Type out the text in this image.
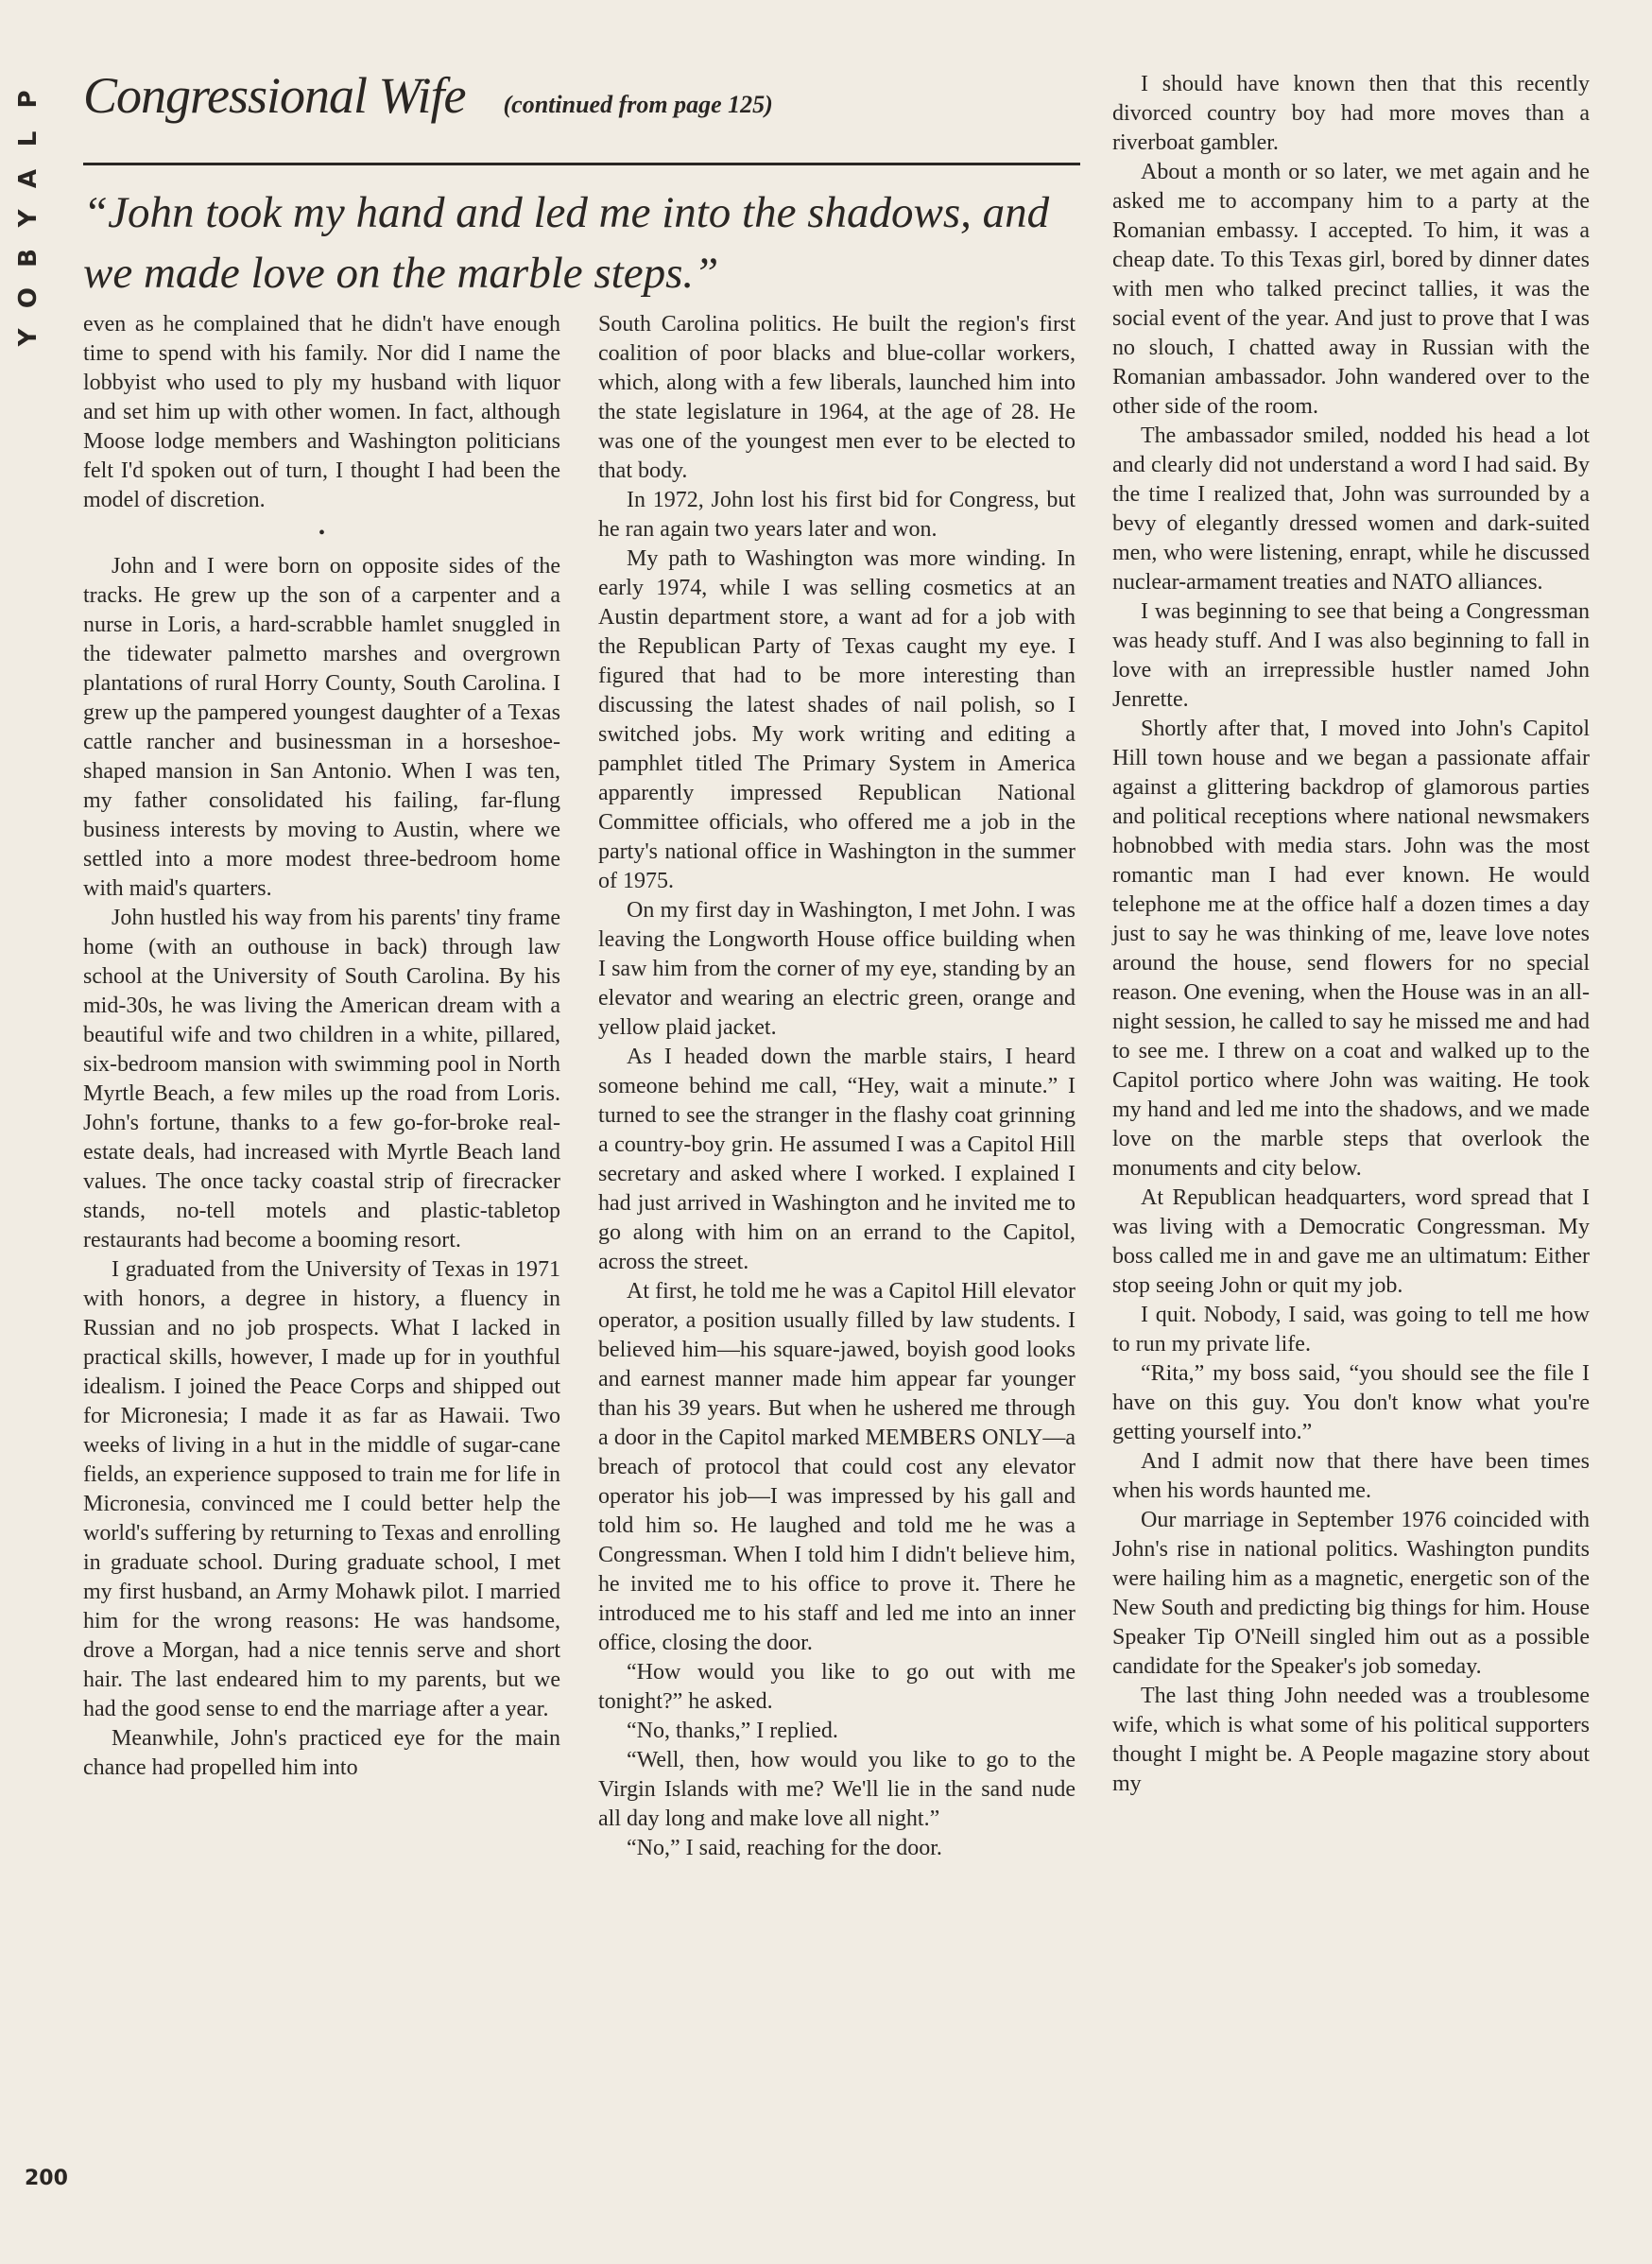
P
L
A
Y
B
O
Y
Congressional Wife (continued from page 125)
“John took my hand and led me into the shadows, and we made love on the marble steps.”

even as he complained that he didn't have enough time to spend with his family. Nor did I name the lobbyist who used to ply my husband with liquor and set him up with other women. In fact, although Moose lodge members and Washington politicians felt I'd spoken out of turn, I thought I had been the model of discretion.

•

John and I were born on opposite sides of the tracks. He grew up the son of a carpenter and a nurse in Loris, a hard-scrabble hamlet snuggled in the tidewater palmetto marshes and overgrown plantations of rural Horry County, South Carolina. I grew up the pampered youngest daughter of a Texas cattle rancher and businessman in a horseshoe-shaped mansion in San Antonio. When I was ten, my father consolidated his failing, far-flung business interests by moving to Austin, where we settled into a more modest three-bedroom home with maid's quarters.

John hustled his way from his parents' tiny frame home (with an outhouse in back) through law school at the University of South Carolina. By his mid-30s, he was living the American dream with a beautiful wife and two children in a white, pillared, six-bedroom mansion with swimming pool in North Myrtle Beach, a few miles up the road from Loris. John's fortune, thanks to a few go-for-broke real-estate deals, had increased with Myrtle Beach land values. The once tacky coastal strip of firecracker stands, no-tell motels and plastic-tabletop restaurants had become a booming resort.

I graduated from the University of Texas in 1971 with honors, a degree in history, a fluency in Russian and no job prospects. What I lacked in practical skills, however, I made up for in youthful idealism. I joined the Peace Corps and shipped out for Micronesia; I made it as far as Hawaii. Two weeks of living in a hut in the middle of sugar-cane fields, an experience supposed to train me for life in Micronesia, convinced me I could better help the world's suffering by returning to Texas and enrolling in graduate school. During graduate school, I met my first husband, an Army Mohawk pilot. I married him for the wrong reasons: He was handsome, drove a Morgan, had a nice tennis serve and short hair. The last endeared him to my parents, but we had the good sense to end the marriage after a year.

Meanwhile, John's practiced eye for the main chance had propelled him into

South Carolina politics. He built the region's first coalition of poor blacks and blue-collar workers, which, along with a few liberals, launched him into the state legislature in 1964, at the age of 28. He was one of the youngest men ever to be elected to that body.

In 1972, John lost his first bid for Congress, but he ran again two years later and won.

My path to Washington was more winding. In early 1974, while I was selling cosmetics at an Austin department store, a want ad for a job with the Republican Party of Texas caught my eye. I figured that had to be more interesting than discussing the latest shades of nail polish, so I switched jobs. My work writing and editing a pamphlet titled The Primary System in America apparently impressed Republican National Committee officials, who offered me a job in the party's national office in Washington in the summer of 1975.

On my first day in Washington, I met John. I was leaving the Longworth House office building when I saw him from the corner of my eye, standing by an elevator and wearing an electric green, orange and yellow plaid jacket.

As I headed down the marble stairs, I heard someone behind me call, “Hey, wait a minute.” I turned to see the stranger in the flashy coat grinning a country-boy grin. He assumed I was a Capitol Hill secretary and asked where I worked. I explained I had just arrived in Washington and he invited me to go along with him on an errand to the Capitol, across the street.

At first, he told me he was a Capitol Hill elevator operator, a position usually filled by law students. I believed him—his square-jawed, boyish good looks and earnest manner made him appear far younger than his 39 years. But when he ushered me through a door in the Capitol marked MEMBERS ONLY—a breach of protocol that could cost any elevator operator his job—I was impressed by his gall and told him so. He laughed and told me he was a Congressman. When I told him I didn't believe him, he invited me to his office to prove it. There he introduced me to his staff and led me into an inner office, closing the door.

“How would you like to go out with me tonight?” he asked.

“No, thanks,” I replied.

“Well, then, how would you like to go to the Virgin Islands with me? We'll lie in the sand nude all day long and make love all night.”

“No,” I said, reaching for the door.

I should have known then that this recently divorced country boy had more moves than a riverboat gambler.

About a month or so later, we met again and he asked me to accompany him to a party at the Romanian embassy. I accepted. To him, it was a cheap date. To this Texas girl, bored by dinner dates with men who talked precinct tallies, it was the social event of the year. And just to prove that I was no slouch, I chatted away in Russian with the Romanian ambassador. John wandered over to the other side of the room.

The ambassador smiled, nodded his head a lot and clearly did not understand a word I had said. By the time I realized that, John was surrounded by a bevy of elegantly dressed women and dark-suited men, who were listening, enrapt, while he discussed nuclear-armament treaties and NATO alliances.

I was beginning to see that being a Congressman was heady stuff. And I was also beginning to fall in love with an irrepressible hustler named John Jenrette.

Shortly after that, I moved into John's Capitol Hill town house and we began a passionate affair against a glittering backdrop of glamorous parties and political receptions where national newsmakers hobnobbed with media stars. John was the most romantic man I had ever known. He would telephone me at the office half a dozen times a day just to say he was thinking of me, leave love notes around the house, send flowers for no special reason. One evening, when the House was in an all-night session, he called to say he missed me and had to see me. I threw on a coat and walked up to the Capitol portico where John was waiting. He took my hand and led me into the shadows, and we made love on the marble steps that overlook the monuments and city below.

At Republican headquarters, word spread that I was living with a Democratic Congressman. My boss called me in and gave me an ultimatum: Either stop seeing John or quit my job.

I quit. Nobody, I said, was going to tell me how to run my private life.

“Rita,” my boss said, “you should see the file I have on this guy. You don't know what you're getting yourself into.”

And I admit now that there have been times when his words haunted me.

Our marriage in September 1976 coincided with John's rise in national politics. Washington pundits were hailing him as a magnetic, energetic son of the New South and predicting big things for him. House Speaker Tip O'Neill singled him out as a possible candidate for the Speaker's job someday.

The last thing John needed was a troublesome wife, which is what some of his political supporters thought I might be. A People magazine story about my

200
